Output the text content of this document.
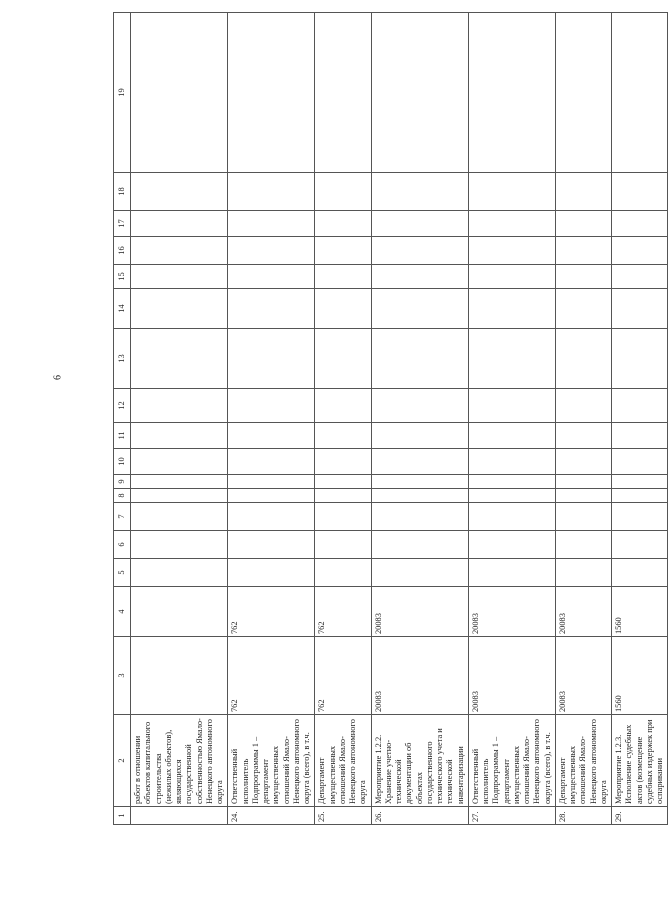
6
1	2	3	4	5	6	7	8	9	10	11	12	13	14	15	16	17	18	19
	работ в отношении объектов капитального строительства (нежилых объектов), являющихся государственной собственностью Ямало-Ненецкого автономного округа																	
24.	Ответственный исполнитель Подпрограммы 1 – департамент имущественных отношений Ямало-Ненецкого автономного округа (всего), в т.ч.	762	762															
25.	Департамент имущественных отношений Ямало-Ненецкого автономного округа	762	762															
26.	Мероприятие 1.2.2. Хранение учетно-технической документации об объектах государственного технического учета и технической инвентаризации	20083	20083															
27.	Ответственный исполнитель Подпрограммы 1 – департамент имущественных отношений Ямало-Ненецкого автономного округа (всего), в т.ч.	20083	20083															
28.	Департамент имущественных отношений Ямало-Ненецкого автономного округа	20083	20083															
29.	Мероприятие 1.2.3. Исполнение судебных актов (возмещение судебных издержек при оспаривании	1560	1560															
